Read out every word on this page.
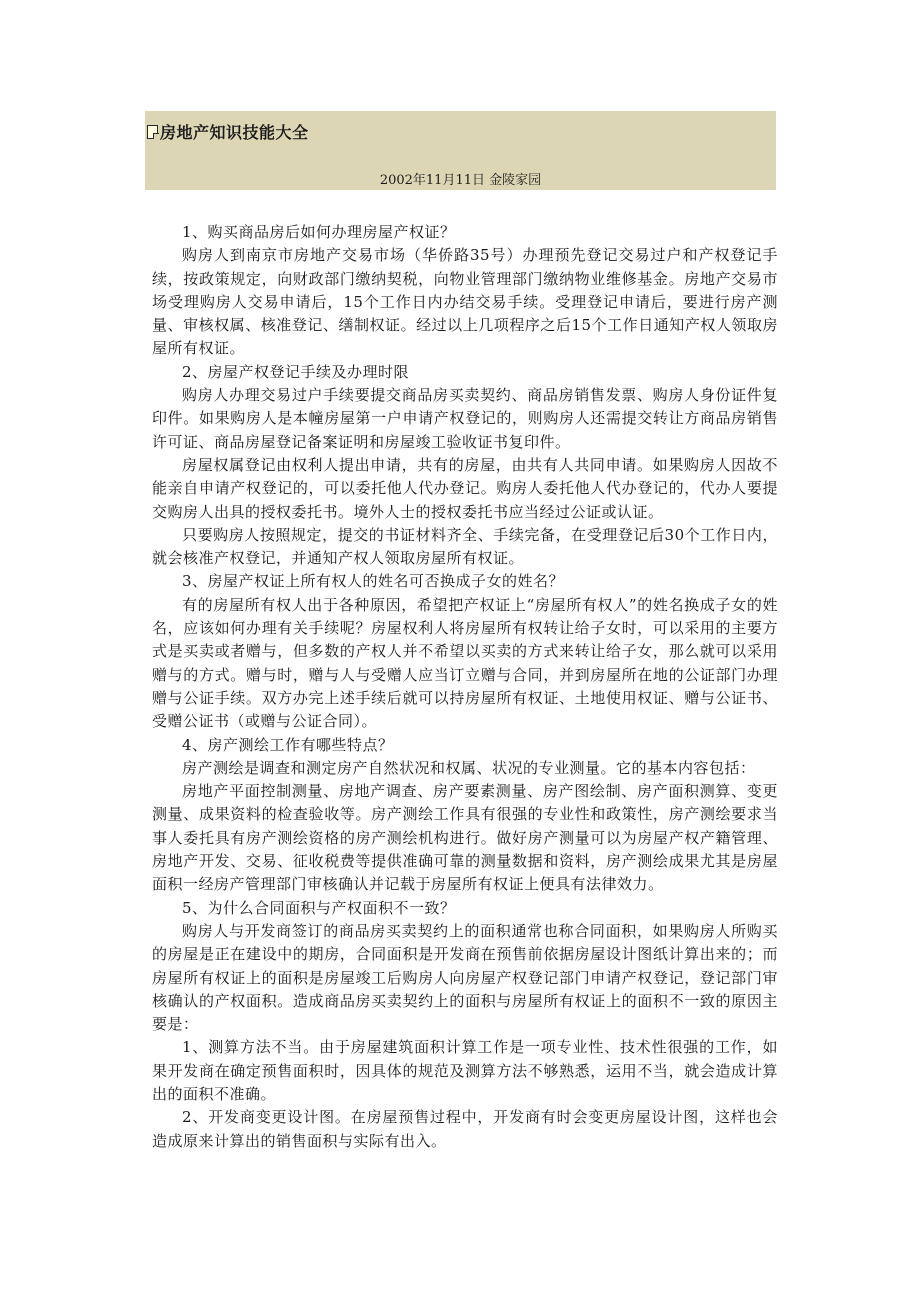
房地产知识技能大全
2002年11月11日 金陵家园

1、购买商品房后如何办理房屋产权证？

购房人到南京市房地产交易市场（华侨路35号）办理预先登记交易过户和产权登记手续，按政策规定，向财政部门缴纳契税，向物业管理部门缴纳物业维修基金。房地产交易市场受理购房人交易申请后，15个工作日内办结交易手续。受理登记申请后，要进行房产测量、审核权属、核准登记、缮制权证。经过以上几项程序之后15个工作日通知产权人领取房屋所有权证。

2、房屋产权登记手续及办理时限

购房人办理交易过户手续要提交商品房买卖契约、商品房销售发票、购房人身份证件复印件。如果购房人是本幢房屋第一户申请产权登记的，则购房人还需提交转让方商品房销售许可证、商品房屋登记备案证明和房屋竣工验收证书复印件。

房屋权属登记由权利人提出申请，共有的房屋，由共有人共同申请。如果购房人因故不能亲自申请产权登记的，可以委托他人代办登记。购房人委托他人代办登记的，代办人要提交购房人出具的授权委托书。境外人士的授权委托书应当经过公证或认证。

只要购房人按照规定，提交的书证材料齐全、手续完备，在受理登记后30个工作日内，就会核准产权登记，并通知产权人领取房屋所有权证。

3、房屋产权证上所有权人的姓名可否换成子女的姓名？

有的房屋所有权人出于各种原因，希望把产权证上“房屋所有权人”的姓名换成子女的姓名，应该如何办理有关手续呢？房屋权利人将房屋所有权转让给子女时，可以采用的主要方式是买卖或者赠与，但多数的产权人并不希望以买卖的方式来转让给子女，那么就可以采用赠与的方式。赠与时，赠与人与受赠人应当订立赠与合同，并到房屋所在地的公证部门办理赠与公证手续。双方办完上述手续后就可以持房屋所有权证、土地使用权证、赠与公证书、受赠公证书（或赠与公证合同）。

4、房产测绘工作有哪些特点？

房产测绘是调查和测定房产自然状况和权属、状况的专业测量。它的基本内容包括：

房地产平面控制测量、房地产调查、房产要素测量、房产图绘制、房产面积测算、变更测量、成果资料的检查验收等。房产测绘工作具有很强的专业性和政策性，房产测绘要求当事人委托具有房产测绘资格的房产测绘机构进行。做好房产测量可以为房屋产权产籍管理、房地产开发、交易、征收税费等提供准确可靠的测量数据和资料，房产测绘成果尤其是房屋面积一经房产管理部门审核确认并记载于房屋所有权证上便具有法律效力。

5、为什么合同面积与产权面积不一致？

购房人与开发商签订的商品房买卖契约上的面积通常也称合同面积，如果购房人所购买的房屋是正在建设中的期房，合同面积是开发商在预售前依据房屋设计图纸计算出来的；而房屋所有权证上的面积是房屋竣工后购房人向房屋产权登记部门申请产权登记，登记部门审核确认的产权面积。造成商品房买卖契约上的面积与房屋所有权证上的面积不一致的原因主要是：

1、测算方法不当。由于房屋建筑面积计算工作是一项专业性、技术性很强的工作，如果开发商在确定预售面积时，因具体的规范及测算方法不够熟悉，运用不当，就会造成计算出的面积不准确。

2、开发商变更设计图。在房屋预售过程中，开发商有时会变更房屋设计图，这样也会造成原来计算出的销售面积与实际有出入。
